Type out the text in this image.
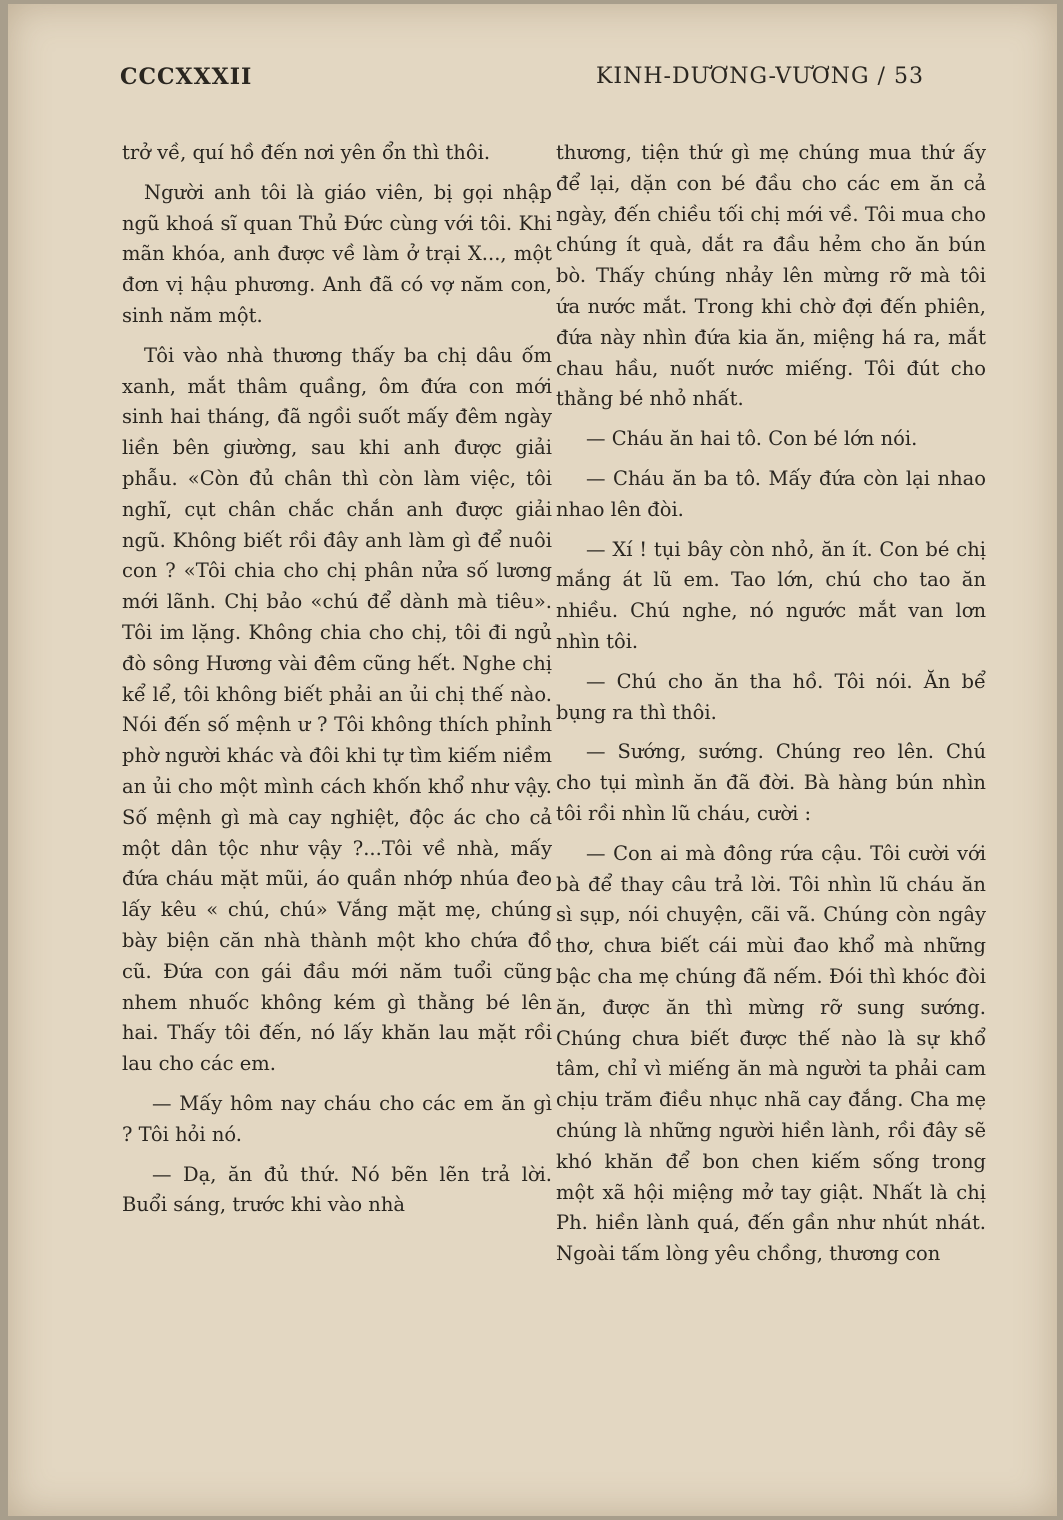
CCCXXXII	KINH-DƯƠNG-VƯƠNG / 53

trở về, quí hồ đến nơi yên ổn thì thôi.

Người anh tôi là giáo viên, bị gọi nhập ngũ khoá sĩ quan Thủ Đức cùng với tôi. Khi mãn khóa, anh được về làm ở trại X..., một đơn vị hậu phương. Anh đã có vợ năm con, sinh năm một.

Tôi vào nhà thương thấy ba chị dâu ốm xanh, mắt thâm quầng, ôm đứa con mới sinh hai tháng, đã ngồi suốt mấy đêm ngày liền bên giường, sau khi anh được giải phẫu. «Còn đủ chân thì còn làm việc, tôi nghĩ, cụt chân chắc chắn anh được giải ngũ. Không biết rồi đây anh làm gì để nuôi con ? «Tôi chia cho chị phân nửa số lương mới lãnh. Chị bảo «chú để dành mà tiêu». Tôi im lặng. Không chia cho chị, tôi đi ngủ đò sông Hương vài đêm cũng hết. Nghe chị kể lể, tôi không biết phải an ủi chị thế nào. Nói đến số mệnh ư ? Tôi không thích phỉnh phờ người khác và đôi khi tự tìm kiếm niềm an ủi cho một mình cách khốn khổ như vậy. Số mệnh gì mà cay nghiệt, độc ác cho cả một dân tộc như vậy ?...Tôi về nhà, mấy đứa cháu mặt mũi, áo quần nhớp nhúa đeo lấy kêu « chú, chú» Vắng mặt mẹ, chúng bày biện căn nhà thành một kho chứa đồ cũ. Đứa con gái đầu mới năm tuổi cũng nhem nhuốc không kém gì thằng bé lên hai. Thấy tôi đến, nó lấy khăn lau mặt rồi lau cho các em.

— Mấy hôm nay cháu cho các em ăn gì ? Tôi hỏi nó.

— Dạ, ăn đủ thứ. Nó bẽn lẽn trả lời. Buổi sáng, trước khi vào nhà

thương, tiện thứ gì mẹ chúng mua thứ ấy để lại, dặn con bé đầu cho các em ăn cả ngày, đến chiều tối chị mới về. Tôi mua cho chúng ít quà, dắt ra đầu hẻm cho ăn bún bò. Thấy chúng nhảy lên mừng rỡ mà tôi ứa nước mắt. Trong khi chờ đợi đến phiên, đứa này nhìn đứa kia ăn, miệng há ra, mắt chau hầu, nuốt nước miếng. Tôi đút cho thằng bé nhỏ nhất.

— Cháu ăn hai tô. Con bé lớn nói.

— Cháu ăn ba tô. Mấy đứa còn lại nhao nhao lên đòi.

— Xí ! tụi bây còn nhỏ, ăn ít. Con bé chị mắng át lũ em. Tao lớn, chú cho tao ăn nhiều. Chú nghe, nó ngước mắt van lơn nhìn tôi.

— Chú cho ăn tha hồ. Tôi nói. Ăn bể bụng ra thì thôi.

— Sướng, sướng. Chúng reo lên. Chú cho tụi mình ăn đã đời. Bà hàng bún nhìn tôi rồi nhìn lũ cháu, cười :

— Con ai mà đông rứa cậu. Tôi cười với bà để thay câu trả lời. Tôi nhìn lũ cháu ăn sì sụp, nói chuyện, cãi vã. Chúng còn ngây thơ, chưa biết cái mùi đao khổ mà những bậc cha mẹ chúng đã nếm. Đói thì khóc đòi ăn, được ăn thì mừng rỡ sung sướng. Chúng chưa biết được thế nào là sự khổ tâm, chỉ vì miếng ăn mà người ta phải cam chịu trăm điều nhục nhã cay đắng. Cha mẹ chúng là những người hiền lành, rồi đây sẽ khó khăn để bon chen kiếm sống trong một xã hội miệng mở tay giật. Nhất là chị Ph. hiền lành quá, đến gần như nhút nhát. Ngoài tấm lòng yêu chồng, thương con
